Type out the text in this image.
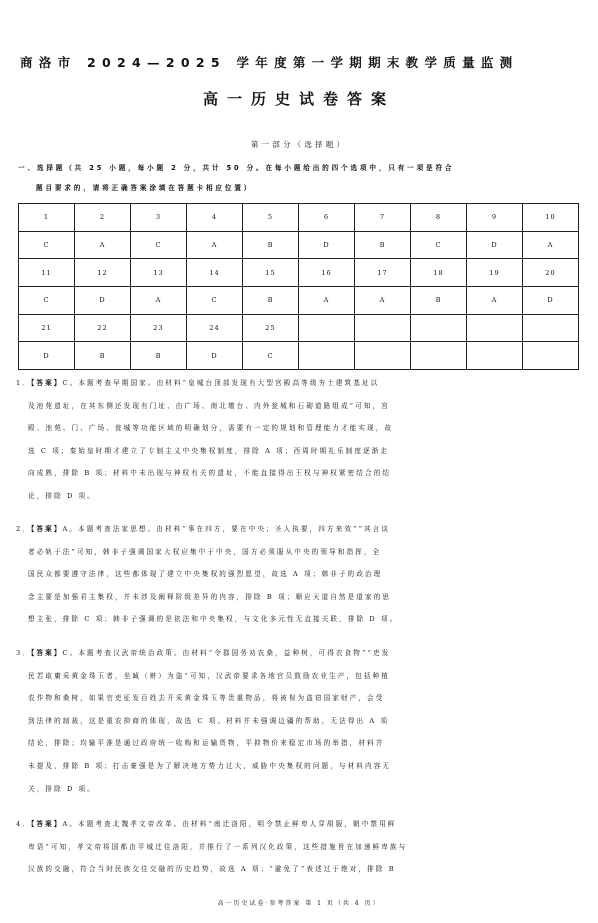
商洛市 2024—2025 学年度第一学期期末教学质量监测
高一历史试卷答案
第一部分（选择题）
一、选择题（共 25 小题，每小题 2 分，共计 50 分。在每小题给出的四个选项中，只有一项是符合
题目要求的，请将正确答案涂填在答题卡相应位置）
1	2	3	4	5	6	7	8	9	10
C	A	C	A	B	D	B	C	D	A
11	12	13	14	15	16	17	18	19	20
C	D	A	C	B	A	A	B	A	D
21	22	23	24	25					
D	B	B	D	C					
1．【答案】C。本题考查早期国家。由材料“皇城台顶部发现有大型宫殿高等级夯土建筑基址以
及池苑遗址，在其东侧还发现有门址、由广场、南北墩台、内外瓮城和石砌道路组成”可知，宫
殿、池苑、门、广场、瓮城等功能区域的明确划分，需要有一定的规划和管理能力才能实现，故
选 C 项；秦始皇时期才建立了专制主义中央集权制度，排除 A 项；西周时期礼乐制度逐渐走
向成熟，排除 B 项；材料中未出现与神权有关的遗址，不能直接得出王权与神权紧密结合的结
论，排除 D 项。
2．【答案】A。本题考查法家思想。由材料“事在四方，要在中央；圣人执要，四方来效”“其言谈
者必轨于法”可知，韩非子强调国家大权应集中于中央，国方必须服从中央的领导和指挥，全
国民众都要遵守法律，这些都体现了建立中央集权的强烈愿望，故选 A 项；韩非子的政治理
念主要是加强君主集权，并未涉及阐释阶级差异的内容，排除 B 项；顺应天道自然是道家的思
想主张，排除 C 项；韩非子强调的是依法和中央集权，与文化多元性无直接关联，排除 D 项。
3．【答案】C。本题考查汉武帝统治政策。由材料“令郡国务劝农桑，益种树，可得衣食物”“吏发
民若取庸采黄金珠玉者，坐臧（赃）为盗”可知，汉武帝要求各地官员鼓励农业生产，包括种植
农作物和桑树，如果官吏征发百姓去开采黄金珠玉等贵重物品，将被视为盗窃国家财产，会受
到法律的制裁，这是重农抑商的体现，故选 C 项。材料并未强调边疆的帮助，无法得出 A 项
结论，排除；均输平准是通过政府统一收购和运输货物，平抑物价来稳定市场的举措，材料并
未提及，排除 B 项；打击豪强是为了解决地方势力过大，威胁中央集权的问题，与材料内容无
关，排除 D 项。
4．【答案】A。本题考查北魏孝文帝改革。由材料“南迁洛阳，明令禁止鲜卑人穿胡服，朝中禁用鲜
卑语”可知，孝文帝将国都由平城迁往洛阳，并推行了一系列汉化政策，这些措施旨在加速鲜卑族与
汉族的交融，符合当时民族交往交融的历史趋势，故选 A 项；“避免了”表述过于绝对，排除 B
高一历史试卷·参考答案 第 1 页（共 4 页）
